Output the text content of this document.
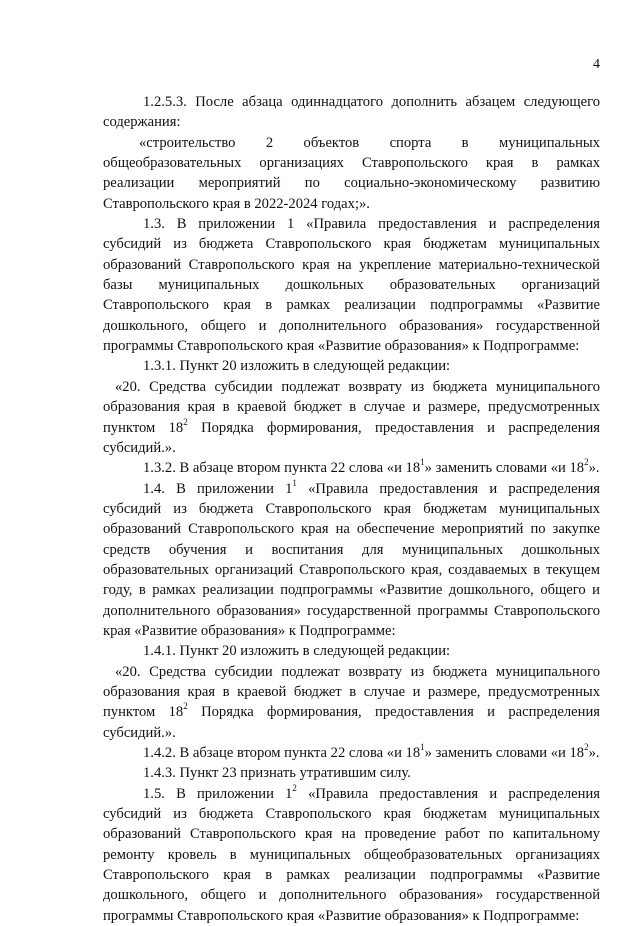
4

1.2.5.3. После абзаца одиннадцатого дополнить абзацем следующего содержания:

«строительство 2 объектов спорта в муниципальных общеобразовательных организациях Ставропольского края в рамках реализации мероприятий по социально-экономическому развитию Ставропольского края в 2022-2024 годах;».

1.3. В приложении 1 «Правила предоставления и распределения субсидий из бюджета Ставропольского края бюджетам муниципальных образований Ставропольского края на укрепление материально-технической базы муниципальных дошкольных образовательных организаций Ставропольского края в рамках реализации подпрограммы «Развитие дошкольного, общего и дополнительного образования» государственной программы Ставропольского края «Развитие образования» к Подпрограмме:

1.3.1. Пункт 20 изложить в следующей редакции:

«20. Средства субсидии подлежат возврату из бюджета муниципального образования края в краевой бюджет в случае и размере, предусмотренных пунктом $18^2$ Порядка формирования, предоставления и распределения субсидий.».

1.3.2. В абзаце втором пункта 22 слова «и $18^1$» заменить словами «и $18^2$».

1.4. В приложении $1^1$ «Правила предоставления и распределения субсидий из бюджета Ставропольского края бюджетам муниципальных образований Ставропольского края на обеспечение мероприятий по закупке средств обучения и воспитания для муниципальных дошкольных образовательных организаций Ставропольского края, создаваемых в текущем году, в рамках реализации подпрограммы «Развитие дошкольного, общего и дополнительного образования» государственной программы Ставропольского края «Развитие образования» к Подпрограмме:

1.4.1. Пункт 20 изложить в следующей редакции:

«20. Средства субсидии подлежат возврату из бюджета муниципального образования края в краевой бюджет в случае и размере, предусмотренных пунктом $18^2$ Порядка формирования, предоставления и распределения субсидий.».

1.4.2. В абзаце втором пункта 22 слова «и $18^1$» заменить словами «и $18^2$».

1.4.3. Пункт 23 признать утратившим силу.

1.5. В приложении $1^2$ «Правила предоставления и распределения субсидий из бюджета Ставропольского края бюджетам муниципальных образований Ставропольского края на проведение работ по капитальному ремонту кровель в муниципальных общеобразовательных организациях Ставропольского края в рамках реализации подпрограммы «Развитие дошкольного, общего и дополнительного образования» государственной программы Ставропольского края «Развитие образования» к Подпрограмме:
